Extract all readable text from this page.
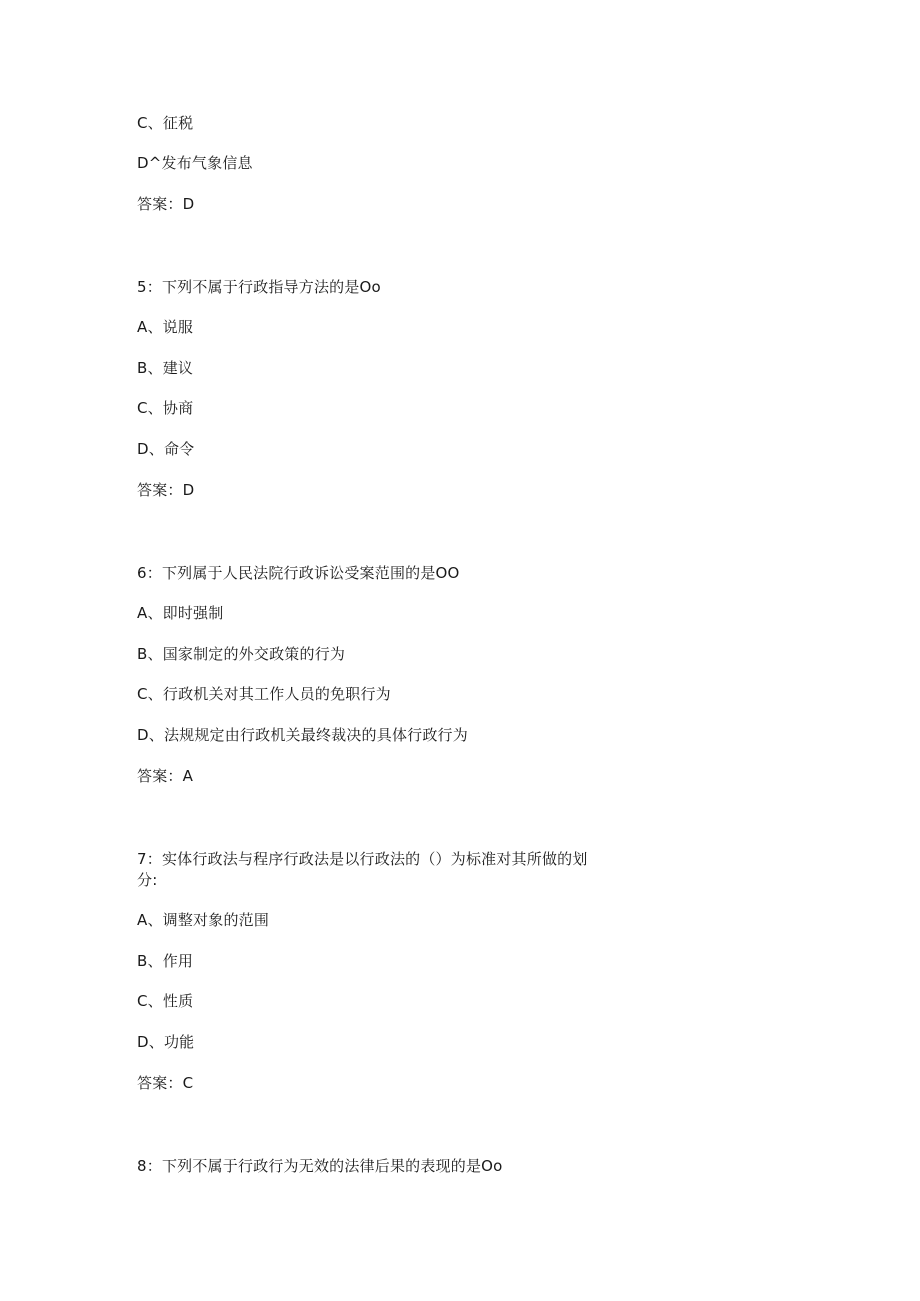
C、征税
D^发布气象信息
答案：D
5：下列不属于行政指导方法的是Oo
A、说服
B、建议
C、协商
D、命令
答案：D
6：下列属于人民法院行政诉讼受案范围的是OO
A、即时强制
B、国家制定的外交政策的行为
C、行政机关对其工作人员的免职行为
D、法规规定由行政机关最终裁决的具体行政行为
答案：A
7：实体行政法与程序行政法是以行政法的（）为标准对其所做的划
分:
A、调整对象的范围
B、作用
C、性质
D、功能
答案：C
8：下列不属于行政行为无效的法律后果的表现的是Oo
